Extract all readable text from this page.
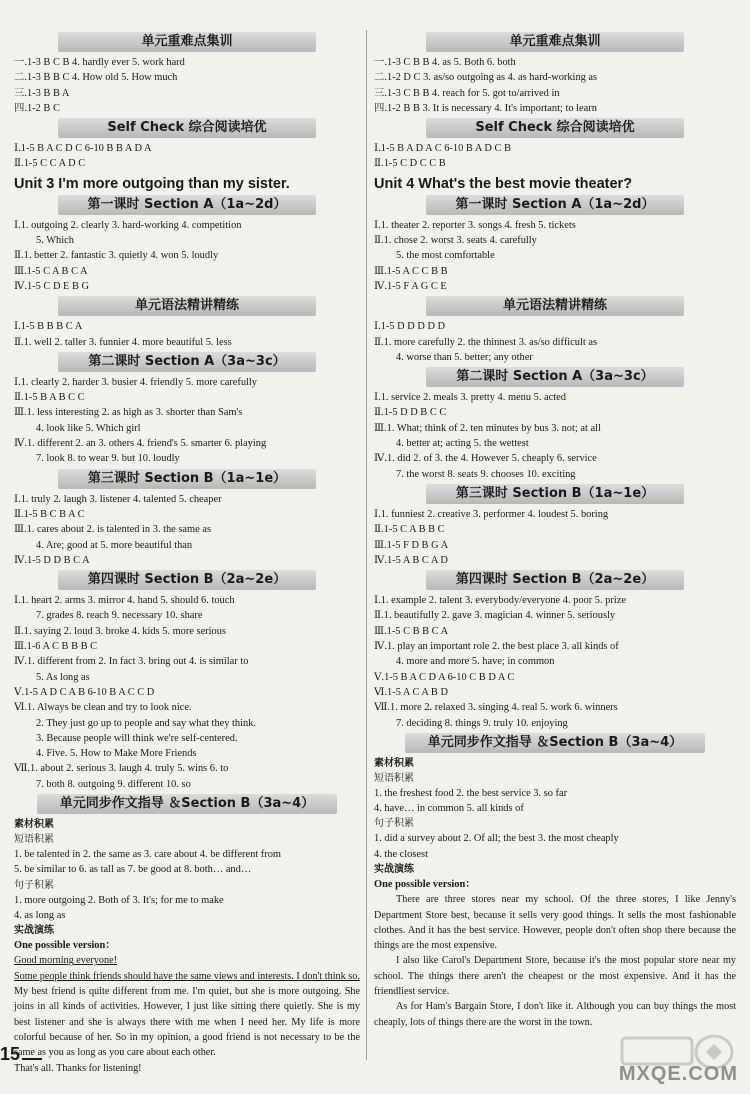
单元重难点集训
一.1-3 B C B 4. hardly ever 5. work hard
二.1-3 B B C 4. How old 5. How much
三.1-3 B B A
四.1-2 B C
Self Check 综合阅读培优
Ⅰ.1-5 B A C D C 6-10 B B A D A
Ⅱ.1-5 C C A D C
Unit 3 I'm more outgoing than my sister.
第一课时 Section A（1a~2d）
Ⅰ.1. outgoing 2. clearly 3. hard-working 4. competition
5. Which
Ⅱ.1. better 2. fantastic 3. quietly 4. won 5. loudly
Ⅲ.1-5 C A B C A
Ⅳ.1-5 C D E B G
单元语法精讲精练
Ⅰ.1-5 B B B C A
Ⅱ.1. well 2. taller 3. funnier 4. more beautiful 5. less
第二课时 Section A（3a~3c）
Ⅰ.1. clearly 2. harder 3. busier 4. friendly 5. more carefully
Ⅱ.1-5 B A B C C
Ⅲ.1. less interesting 2. as high as 3. shorter than Sam's
4. look like 5. Which girl
Ⅳ.1. different 2. an 3. others 4. friend's 5. smarter 6. playing
7. look 8. to wear 9. but 10. loudly
第三课时 Section B（1a~1e）
Ⅰ.1. truly 2. laugh 3. listener 4. talented 5. cheaper
Ⅱ.1-5 B C B A C
Ⅲ.1. cares about 2. is talented in 3. the same as
4. Are; good at 5. more beautiful than
Ⅳ.1-5 D D B C A
第四课时 Section B（2a~2e）
Ⅰ.1. heart 2. arms 3. mirror 4. hand 5. should 6. touch
7. grades 8. reach 9. necessary 10. share
Ⅱ.1. saying 2. loud 3. broke 4. kids 5. more serious
Ⅲ.1-6 A C B B B C
Ⅳ.1. different from 2. In fact 3. bring out 4. is similar to
5. As long as
Ⅴ.1-5 A D C A B 6-10 B A C C D
Ⅵ.1. Always be clean and try to look nice.
2. They just go up to people and say what they think.
3. Because people will think we're self-centered.
4. Five. 5. How to Make More Friends
Ⅶ.1. about 2. serious 3. laugh 4. truly 5. wins 6. to
7. both 8. outgoing 9. different 10. so
单元同步作文指导 ＆Section B（3a~4）
素材积累
短语积累
1. be talented in 2. the same as 3. care about 4. be different from
5. be similar to 6. as tall as 7. be good at 8. both… and…
句子积累
1. more outgoing 2. Both of 3. It's; for me to make
4. as long as
实战演练
One possible version：

Good morning everyone!

Some people think friends should have the same views and interests. I don't think so.

My best friend is quite different from me. I'm quiet, but she is more outgoing. She joins in all kinds of activities. However, I just like sitting there quietly. She is my best listener and she is always there with me when I need her. My life is more colorful because of her. So in my opinion, a good friend is not necessary to be the same as you as long as you care about each other.

That's all. Thanks for listening!

单元重难点集训
一.1-3 C B B 4. as 5. Both 6. both
二.1-2 D C 3. as/so outgoing as 4. as hard-working as
三.1-3 C B B 4. reach for 5. got to/arrived in
四.1-2 B B 3. It is necessary 4. It's important; to learn
Self Check 综合阅读培优
Ⅰ.1-5 B A D A C 6-10 B A D C B
Ⅱ.1-5 C D C C B
Unit 4 What's the best movie theater?
第一课时 Section A（1a~2d）
Ⅰ.1. theater 2. reporter 3. songs 4. fresh 5. tickets
Ⅱ.1. chose 2. worst 3. seats 4. carefully
5. the most comfortable
Ⅲ.1-5 A C C B B
Ⅳ.1-5 F A G C E
单元语法精讲精练
Ⅰ.1-5 D D D D D
Ⅱ.1. more carefully 2. the thinnest 3. as/so difficult as
4. worse than 5. better; any other
第二课时 Section A（3a~3c）
Ⅰ.1. service 2. meals 3. pretty 4. menu 5. acted
Ⅱ.1-5 D D B C C
Ⅲ.1. What; think of 2. ten minutes by bus 3. not; at all
4. better at; acting 5. the wettest
Ⅳ.1. did 2. of 3. the 4. However 5. cheaply 6. service
7. the worst 8. seats 9. chooses 10. exciting
第三课时 Section B（1a~1e）
Ⅰ.1. funniest 2. creative 3. performer 4. loudest 5. boring
Ⅱ.1-5 C A B B C
Ⅲ.1-5 F D B G A
Ⅳ.1-5 A B C A D
第四课时 Section B（2a~2e）
Ⅰ.1. example 2. talent 3. everybody/everyone 4. poor 5. prize
Ⅱ.1. beautifully 2. gave 3. magician 4. winner 5. seriously
Ⅲ.1-5 C B B C A
Ⅳ.1. play an important role 2. the best place 3. all kinds of
4. more and more 5. have; in common
Ⅴ.1-5 B A C D A 6-10 C B D A C
Ⅵ.1-5 A C A B D
Ⅶ.1. more 2. relaxed 3. singing 4. real 5. work 6. winners
7. deciding 8. things 9. truly 10. enjoying
单元同步作文指导 ＆Section B（3a~4）
素材积累
短语积累
1. the freshest food 2. the best service 3. so far
4. have… in common 5. all kinds of
句子积累
1. did a survey about 2. Of all; the best 3. the most cheaply
4. the closest
实战演练
One possible version：

There are three stores near my school. Of the three stores, I like Jenny's Department Store best, because it sells very good things. It sells the most fashionable clothes. And it has the best service. However, people don't often shop there because the things are the most expensive.

I also like Carol's Department Store, because it's the most popular store near my school. The things there aren't the cheapest or the most expensive. And it has the friendliest service.

As for Ham's Bargain Store, I don't like it. Although you can buy things the most cheaply, lots of things there are the worst in the town.

15
MXQE.COM
